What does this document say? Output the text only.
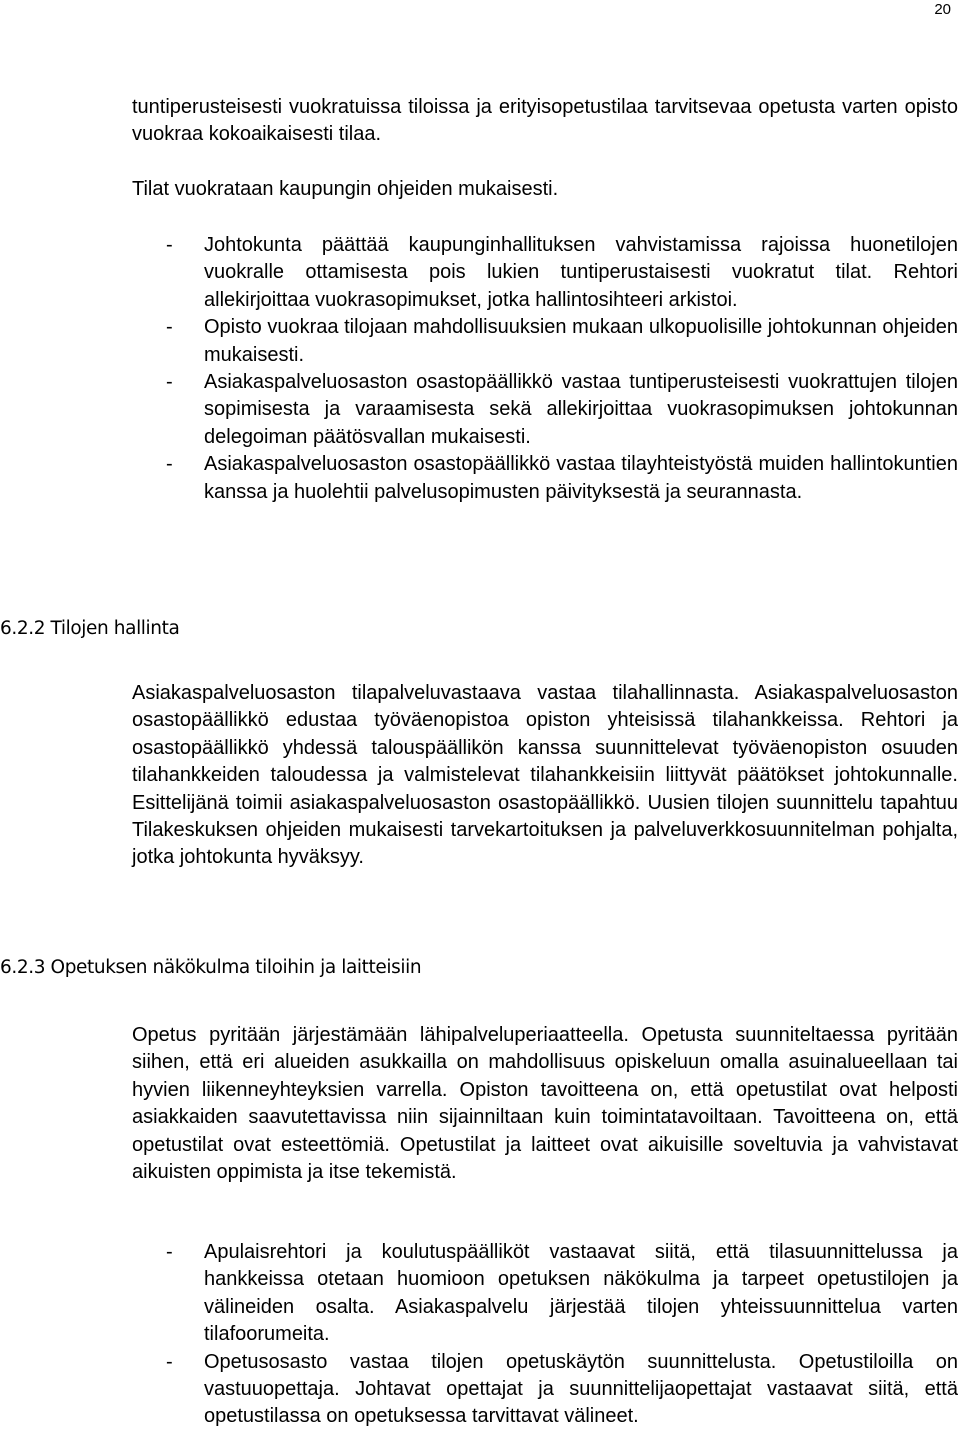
20

tuntiperusteisesti vuokratuissa tiloissa ja erityisopetustilaa tarvitsevaa opetusta varten opisto vuokraa kokoaikaisesti tilaa.

Tilat vuokrataan kaupungin ohjeiden mukaisesti.

- Johtokunta päättää kaupunginhallituksen vahvistamissa rajoissa huonetilojen vuokralle ottamisesta pois lukien tuntiperustaisesti vuokratut tilat. Rehtori allekirjoittaa vuokrasopimukset, jotka hallintosihteeri arkistoi.
- Opisto vuokraa tilojaan mahdollisuuksien mukaan ulkopuolisille johtokunnan ohjeiden mukaisesti.
- Asiakaspalveluosaston osastopäällikkö vastaa tuntiperusteisesti vuokrattujen tilojen sopimisesta ja varaamisesta sekä allekirjoittaa vuokrasopimuksen johtokunnan delegoiman päätösvallan mukaisesti.
- Asiakaspalveluosaston osastopäällikkö vastaa tilayhteistyöstä muiden hallintokuntien kanssa ja huolehtii palvelusopimusten päivityksestä ja seurannasta.
6.2.2 Tilojen hallinta

Asiakaspalveluosaston tilapalveluvastaava vastaa tilahallinnasta. Asiakaspalveluosaston osastopäällikkö edustaa työväenopistoa opiston yhteisissä tilahankkeissa. Rehtori ja osastopäällikkö yhdessä talouspäällikön kanssa suunnittelevat työväenopiston osuuden tilahankkeiden taloudessa ja valmistelevat tilahankkeisiin liittyvät päätökset johtokunnalle. Esittelijänä toimii asiakaspalveluosaston osastopäällikkö. Uusien tilojen suunnittelu tapahtuu Tilakeskuksen ohjeiden mukaisesti tarvekartoituksen ja palveluverkkosuunnitelman pohjalta, jotka johtokunta hyväksyy.

6.2.3 Opetuksen näkökulma tiloihin ja laitteisiin

Opetus pyritään järjestämään lähipalveluperiaatteella. Opetusta suunniteltaessa pyritään siihen, että eri alueiden asukkailla on mahdollisuus opiskeluun omalla asuinalueellaan tai hyvien liikenneyhteyksien varrella. Opiston tavoitteena on, että opetustilat ovat helposti asiakkaiden saavutettavissa niin sijainniltaan kuin toimintatavoiltaan. Tavoitteena on, että opetustilat ovat esteettömiä. Opetustilat ja laitteet ovat aikuisille soveltuvia ja vahvistavat aikuisten oppimista ja itse tekemistä.

- Apulaisrehtori ja koulutuspäälliköt vastaavat siitä, että tilasuunnittelussa ja hankkeissa otetaan huomioon opetuksen näkökulma ja tarpeet opetustilojen ja välineiden osalta. Asiakaspalvelu järjestää tilojen yhteissuunnittelua varten tilafoorumeita.
- Opetusosasto vastaa tilojen opetuskäytön suunnittelusta. Opetustiloilla on vastuuopettaja. Johtavat opettajat ja suunnittelijaopettajat vastaavat siitä, että opetustilassa on opetuksessa tarvittavat välineet.
